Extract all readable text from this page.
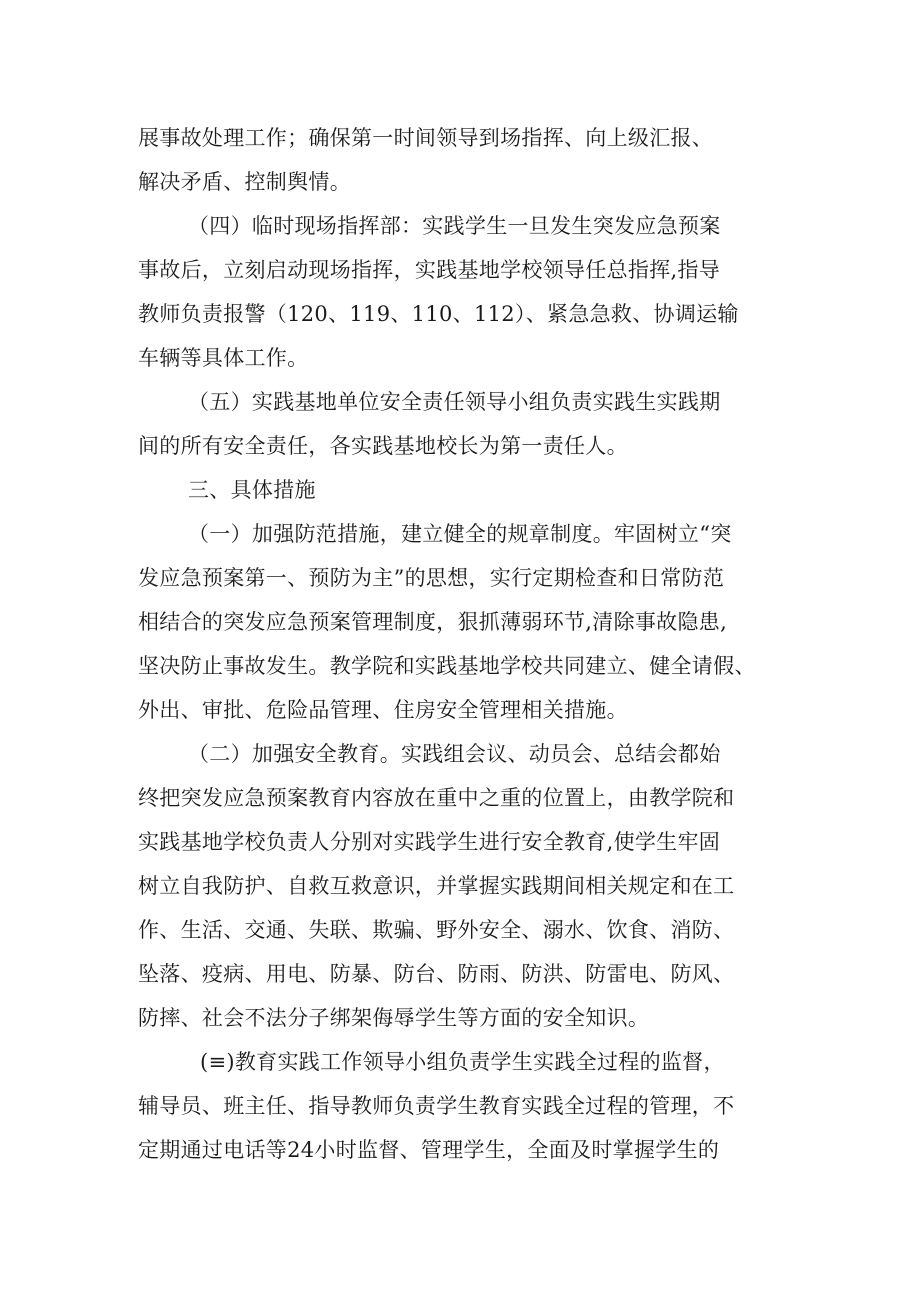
展事故处理工作；确保第一时间领导到场指挥、向上级汇报、
解决矛盾、控制舆情。
（四）临时现场指挥部：实践学生一旦发生突发应急预案
事故后，立刻启动现场指挥，实践基地学校领导任总指挥,指导
教师负责报警（120、119、110、112）、紧急急救、协调运输
车辆等具体工作。
（五）实践基地单位安全责任领导小组负责实践生实践期
间的所有安全责任，各实践基地校长为第一责任人。
三、具体措施
（一）加强防范措施，建立健全的规章制度。牢固树立“突
发应急预案第一、预防为主”的思想，实行定期检查和日常防范
相结合的突发应急预案管理制度，狠抓薄弱环节,清除事故隐患,
坚决防止事故发生。教学院和实践基地学校共同建立、健全请假、
外出、审批、危险品管理、住房安全管理相关措施。
（二）加强安全教育。实践组会议、动员会、总结会都始
终把突发应急预案教育内容放在重中之重的位置上，由教学院和
实践基地学校负责人分别对实践学生进行安全教育,使学生牢固
树立自我防护、自救互救意识，并掌握实践期间相关规定和在工
作、生活、交通、失联、欺骗、野外安全、溺水、饮食、消防、
坠落、疫病、用电、防暴、防台、防雨、防洪、防雷电、防风、
防摔、社会不法分子绑架侮辱学生等方面的安全知识。
(≡)教育实践工作领导小组负责学生实践全过程的监督，
辅导员、班主任、指导教师负责学生教育实践全过程的管理，不
定期通过电话等24小时监督、管理学生，全面及时掌握学生的
